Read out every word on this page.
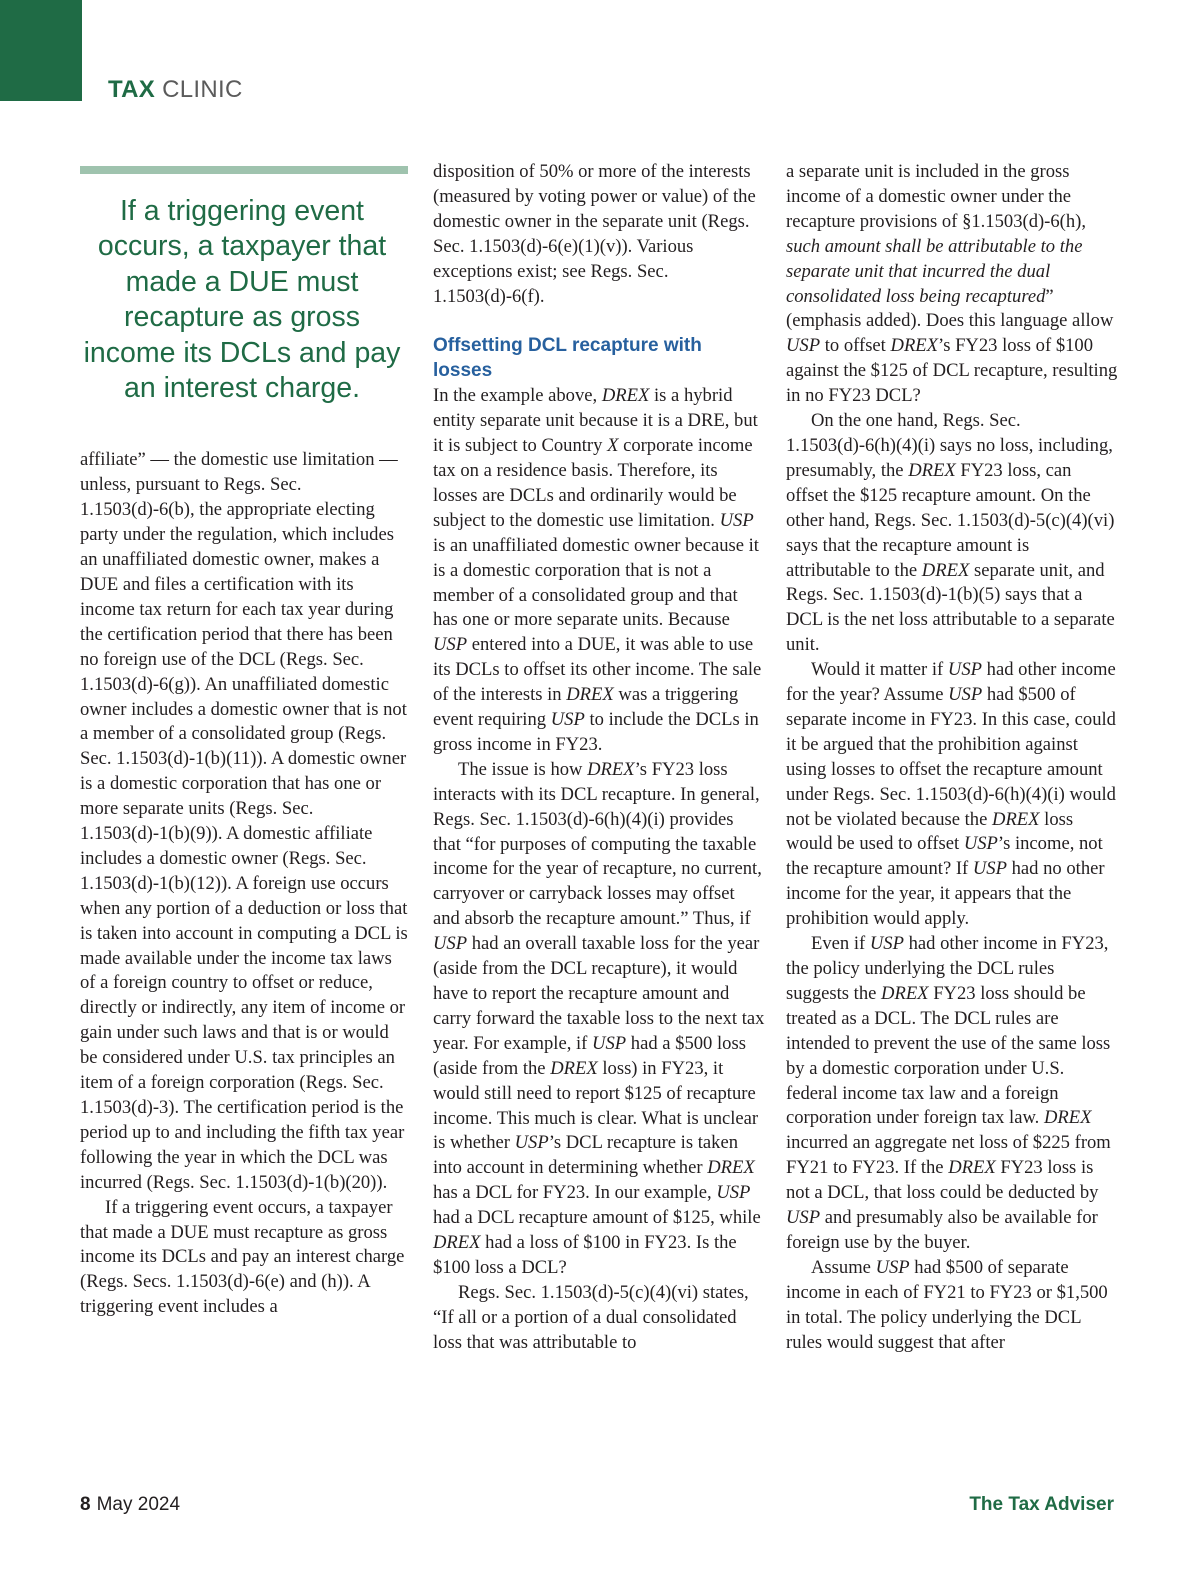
TAX CLINIC
If a triggering event occurs, a taxpayer that made a DUE must recapture as gross income its DCLs and pay an interest charge.

affiliate” — the domestic use limitation — unless, pursuant to Regs. Sec. 1.1503(d)-6(b), the appropriate electing party under the regulation, which includes an unaffiliated domestic owner, makes a DUE and files a certification with its income tax return for each tax year during the certification period that there has been no foreign use of the DCL (Regs. Sec. 1.1503(d)-6(g)). An unaffiliated domestic owner includes a domestic owner that is not a member of a consolidated group (Regs. Sec. 1.1503(d)-1(b)(11)). A domestic owner is a domestic corporation that has one or more separate units (Regs. Sec. 1.1503(d)-1(b)(9)). A domestic affiliate includes a domestic owner (Regs. Sec. 1.1503(d)-1(b)(12)). A foreign use occurs when any portion of a deduction or loss that is taken into account in computing a DCL is made available under the income tax laws of a foreign country to offset or reduce, directly or indirectly, any item of income or gain under such laws and that is or would be considered under U.S. tax principles an item of a foreign corporation (Regs. Sec. 1.1503(d)-3). The certification period is the period up to and including the fifth tax year following the year in which the DCL was incurred (Regs. Sec. 1.1503(d)-1(b)(20)).

If a triggering event occurs, a taxpayer that made a DUE must recapture as gross income its DCLs and pay an interest charge (Regs. Secs. 1.1503(d)-6(e) and (h)). A triggering event includes a

disposition of 50% or more of the interests (measured by voting power or value) of the domestic owner in the separate unit (Regs. Sec. 1.1503(d)-6(e)(1)(v)). Various exceptions exist; see Regs. Sec. 1.1503(d)-6(f).

Offsetting DCL recapture with losses

In the example above, DREX is a hybrid entity separate unit because it is a DRE, but it is subject to Country X corporate income tax on a residence basis. Therefore, its losses are DCLs and ordinarily would be subject to the domestic use limitation. USP is an unaffiliated domestic owner because it is a domestic corporation that is not a member of a consolidated group and that has one or more separate units. Because USP entered into a DUE, it was able to use its DCLs to offset its other income. The sale of the interests in DREX was a triggering event requiring USP to include the DCLs in gross income in FY23.

The issue is how DREX’s FY23 loss interacts with its DCL recapture. In general, Regs. Sec. 1.1503(d)-6(h)(4)(i) provides that “for purposes of computing the taxable income for the year of recapture, no current, carryover or carryback losses may offset and absorb the recapture amount.” Thus, if USP had an overall taxable loss for the year (aside from the DCL recapture), it would have to report the recapture amount and carry forward the taxable loss to the next tax year. For example, if USP had a $500 loss (aside from the DREX loss) in FY23, it would still need to report $125 of recapture income. This much is clear. What is unclear is whether USP’s DCL recapture is taken into account in determining whether DREX has a DCL for FY23. In our example, USP had a DCL recapture amount of $125, while DREX had a loss of $100 in FY23. Is the $100 loss a DCL?

Regs. Sec. 1.1503(d)-5(c)(4)(vi) states, “If all or a portion of a dual consolidated loss that was attributable to

a separate unit is included in the gross income of a domestic owner under the recapture provisions of §1.1503(d)-6(h), such amount shall be attributable to the separate unit that incurred the dual consolidated loss being recaptured” (emphasis added). Does this language allow USP to offset DREX’s FY23 loss of $100 against the $125 of DCL recapture, resulting in no FY23 DCL?

On the one hand, Regs. Sec. 1.1503(d)-6(h)(4)(i) says no loss, including, presumably, the DREX FY23 loss, can offset the $125 recapture amount. On the other hand, Regs. Sec. 1.1503(d)-5(c)(4)(vi) says that the recapture amount is attributable to the DREX separate unit, and Regs. Sec. 1.1503(d)-1(b)(5) says that a DCL is the net loss attributable to a separate unit.

Would it matter if USP had other income for the year? Assume USP had $500 of separate income in FY23. In this case, could it be argued that the prohibition against using losses to offset the recapture amount under Regs. Sec. 1.1503(d)-6(h)(4)(i) would not be violated because the DREX loss would be used to offset USP’s income, not the recapture amount? If USP had no other income for the year, it appears that the prohibition would apply.

Even if USP had other income in FY23, the policy underlying the DCL rules suggests the DREX FY23 loss should be treated as a DCL. The DCL rules are intended to prevent the use of the same loss by a domestic corporation under U.S. federal income tax law and a foreign corporation under foreign tax law. DREX incurred an aggregate net loss of $225 from FY21 to FY23. If the DREX FY23 loss is not a DCL, that loss could be deducted by USP and presumably also be available for foreign use by the buyer.

Assume USP had $500 of separate income in each of FY21 to FY23 or $1,500 in total. The policy underlying the DCL rules would suggest that after

8 May 2024	The Tax Adviser
